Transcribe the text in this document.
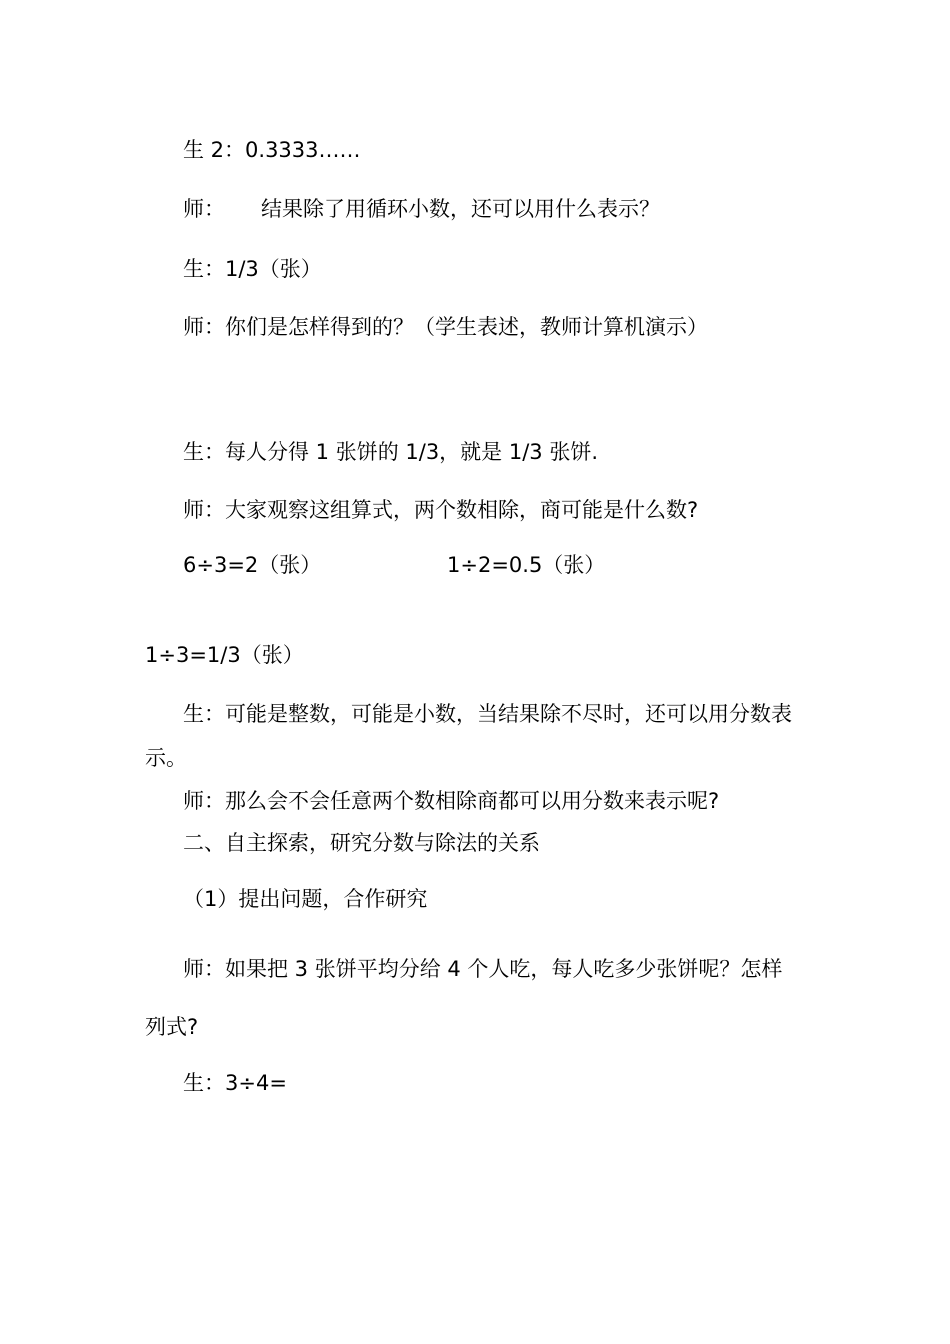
生 2：0.3333……
师： 结果除了用循环小数，还可以用什么表示？
生：1/3（张）
师：你们是怎样得到的？（学生表述，教师计算机演示）
生：每人分得 1 张饼的 1/3，就是 1/3 张饼.
师：大家观察这组算式，两个数相除，商可能是什么数?
6÷3=2（张）	1÷2=0.5（张）
1÷3=1/3（张）
生：可能是整数，可能是小数，当结果除不尽时，还可以用分数表
示。
师：那么会不会任意两个数相除商都可以用分数来表示呢?
二、自主探索，研究分数与除法的关系
（1）提出问题，合作研究
师：如果把 3 张饼平均分给 4 个人吃，每人吃多少张饼呢？怎样
列式?
生：3÷4=
